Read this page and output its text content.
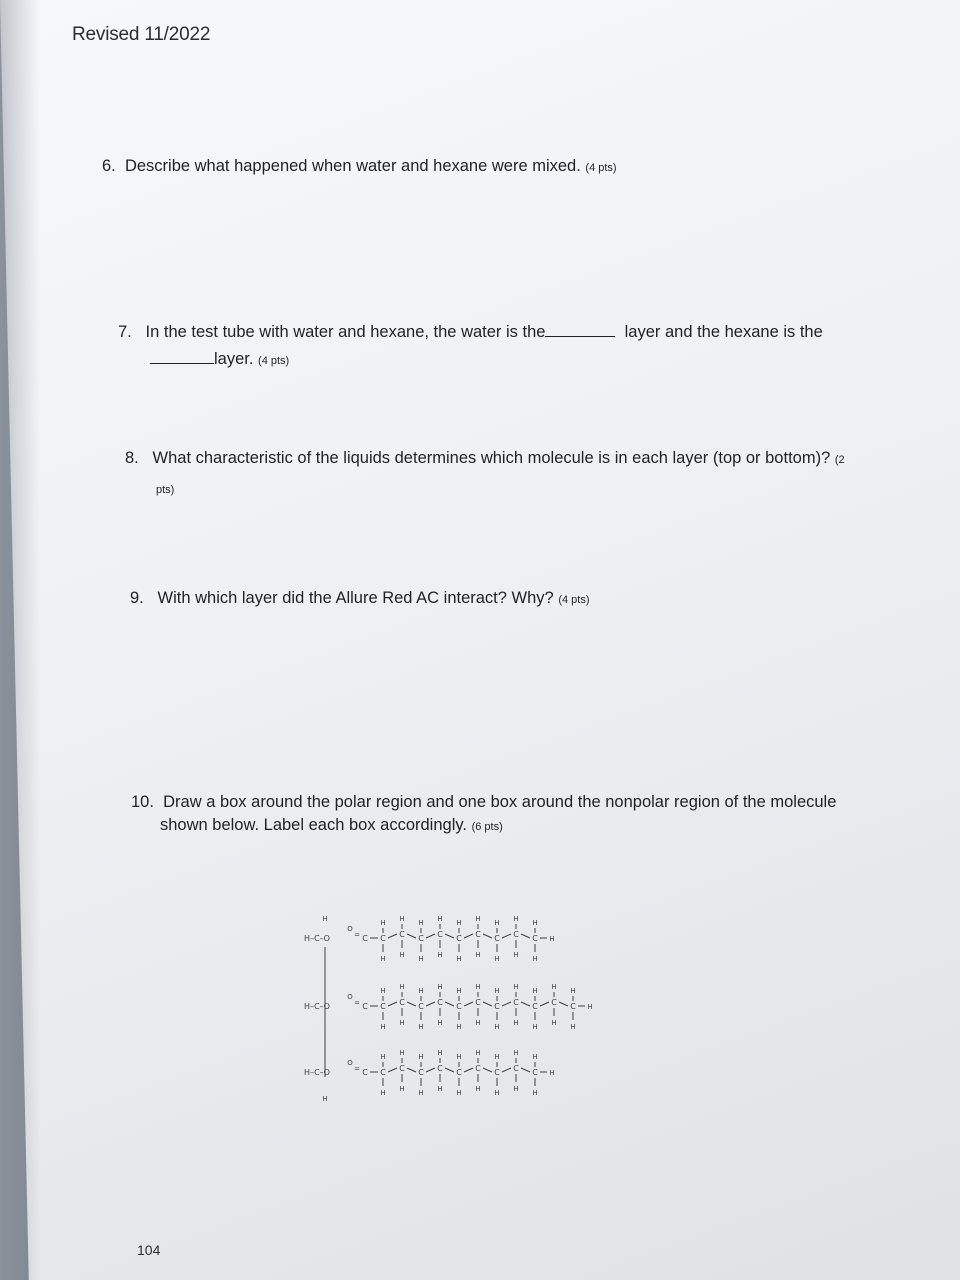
Revised 11/2022
6. Describe what happened when water and hexane were mixed. (4 pts)
7. In the test tube with water and hexane, the water is the	layer and the hexane is the
layer. (4 pts)
8. What characteristic of the liquids determines which molecule is in each layer (top or bottom)? (2
pts)
9. With which layer did the Allure Red AC interact? Why? (4 pts)
10. Draw a box around the polar region and one box around the nonpolar region of the molecule
shown below. Label each box accordingly. (6 pts)
H
H
H–C–O
O
= C C
H
H
C
H
H
C
H
H
C
H
H
C
H
H
C
H
H
C
H
H
C
H
H
C
H
H
H
H–C–O
O
= C C
H
H
C
H
H
C
H
H
C
H
H
C
H
H
C
H
H
C
H
H
C
H
H
C
H
H
C
H
H
C
H
H
H
H–C–O
O
= C C
H
H
C
H
H
C
H
H
C
H
H
C
H
H
C
H
H
C
H
H
C
H
H
C
H
H
H
104
